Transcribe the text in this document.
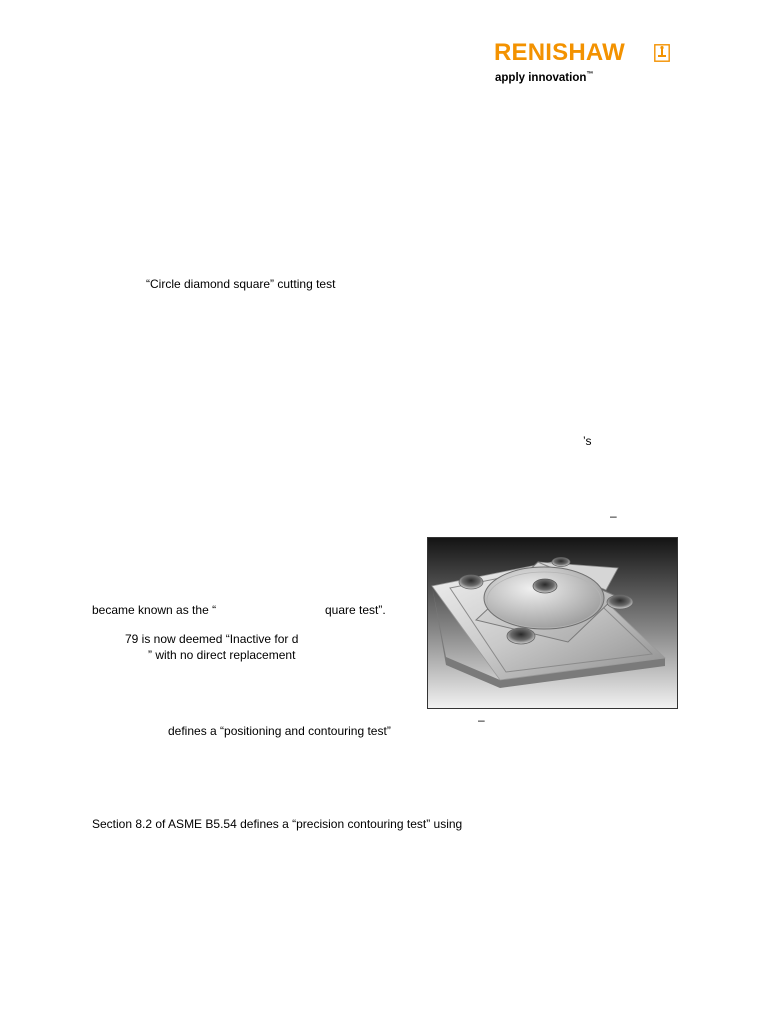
RENISHAW
apply innovation™
“Circle diamond square” cutting test
’s
–
became known as the “	quare test”.
79 is now deemed “Inactive for d
” with no direct replacement
–
defines a “positioning and contouring test”
Section 8.2 of ASME B5.54 defines a “precision contouring test” using
